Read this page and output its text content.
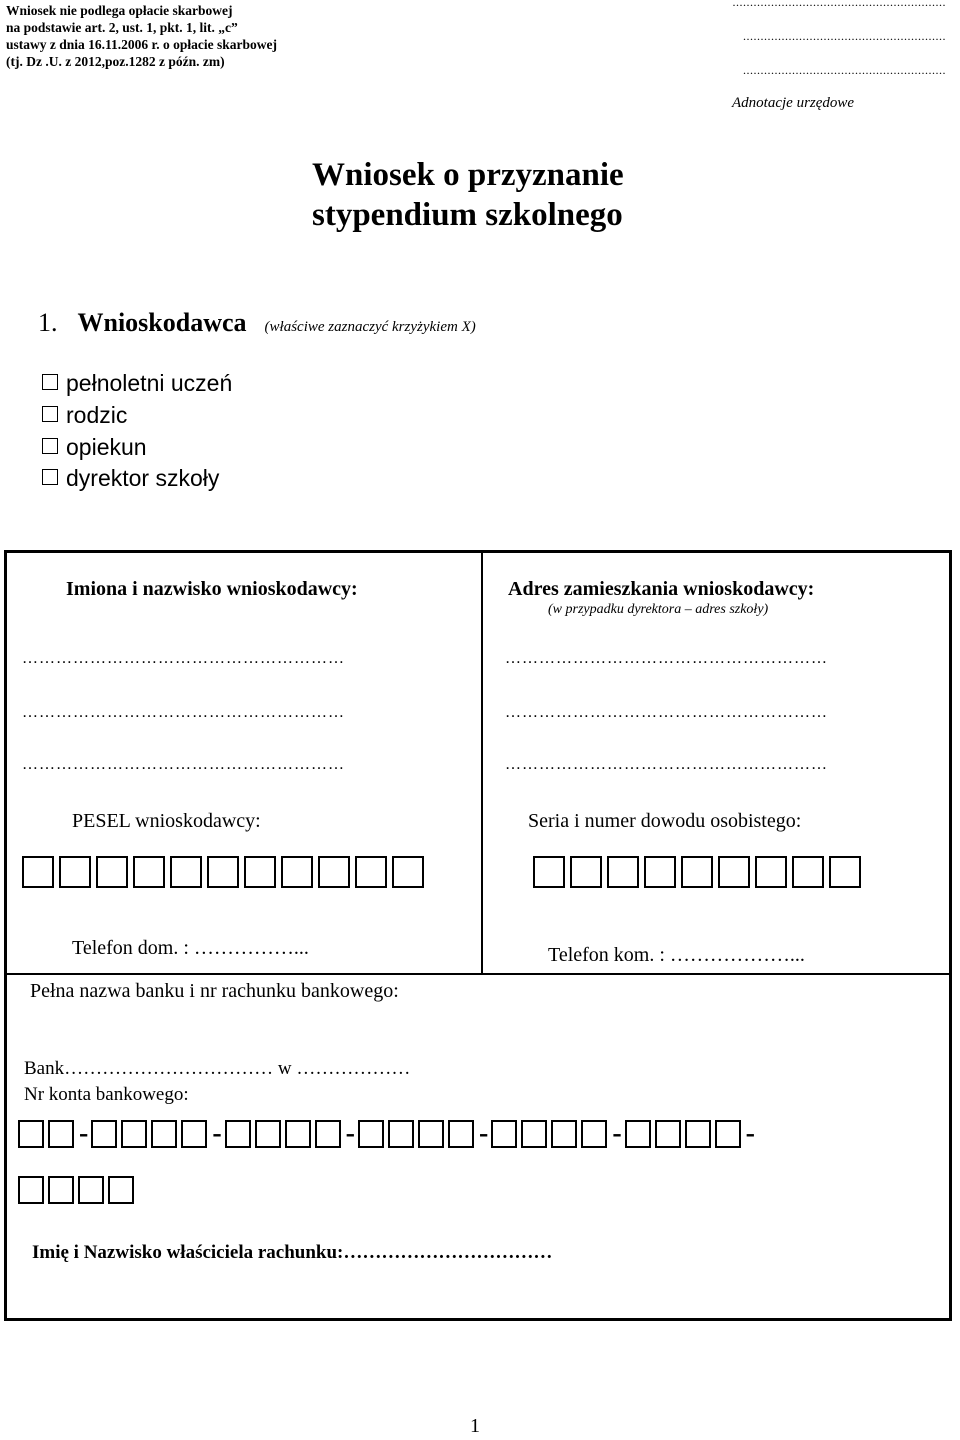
Wniosek nie podlega opłacie skarbowej
na podstawie art. 2, ust. 1, pkt. 1, lit. „c”
ustawy z dnia 16.11.2006 r. o opłacie skarbowej
(tj. Dz .U. z 2012,poz.1282 z późn. zm)
.............................................................
..........................................................
..........................................................
Adnotacje urzędowe
Wniosek o przyznanie
stypendium szkolnego
1. Wnioskodawca (właściwe zaznaczyć krzyżykiem X)
pełnoletni uczeń
rodzic
opiekun
dyrektor szkoły
Imiona i nazwisko wnioskodawcy:
…………………………………………………
…………………………………………………
…………………………………………………
PESEL wnioskodawcy:
Telefon dom. : ……………...
Adres zamieszkania wnioskodawcy:
(w przypadku dyrektora – adres szkoły)
…………………………………………………
…………………………………………………
…………………………………………………
Seria i numer dowodu osobistego:
Telefon kom. : ………………...
Pełna nazwa banku i nr rachunku bankowego:
Bank…………………………… w ………………
Nr konta bankowego:
-	-	-	-	-	-
Imię i Nazwisko właściciela rachunku:……………………………
1
